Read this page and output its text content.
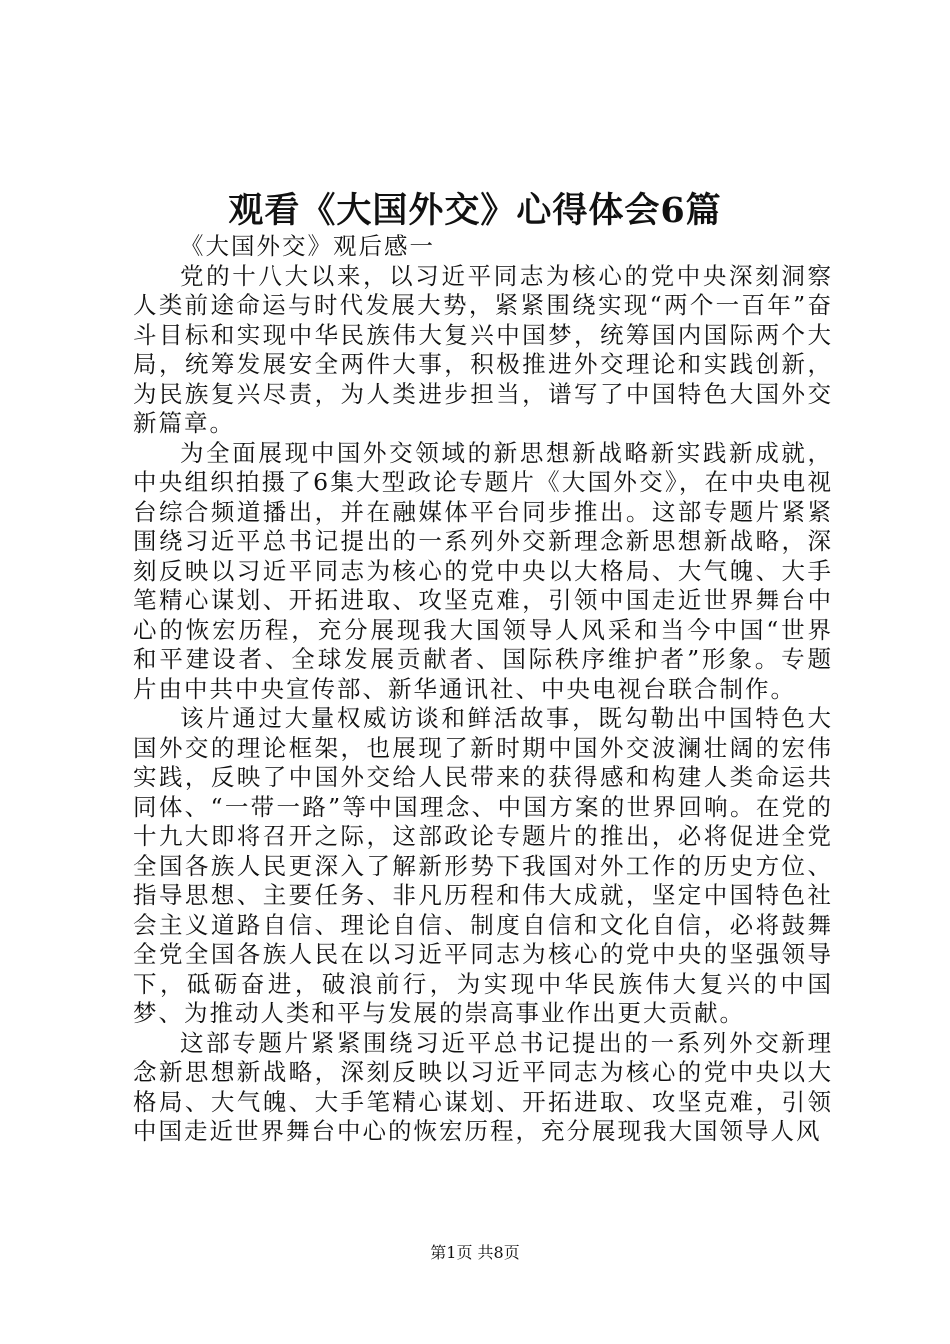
观看《大国外交》心得体会6篇

《大国外交》观后感一

党的十八大以来，以习近平同志为核心的党中央深刻洞察人类前途命运与时代发展大势，紧紧围绕实现“两个一百年”奋斗目标和实现中华民族伟大复兴中国梦，统筹国内国际两个大局，统筹发展安全两件大事，积极推进外交理论和实践创新，为民族复兴尽责，为人类进步担当，谱写了中国特色大国外交新篇章。

为全面展现中国外交领域的新思想新战略新实践新成就，中央组织拍摄了6集大型政论专题片《大国外交》，在中央电视台综合频道播出，并在融媒体平台同步推出。这部专题片紧紧围绕习近平总书记提出的一系列外交新理念新思想新战略，深刻反映以习近平同志为核心的党中央以大格局、大气魄、大手笔精心谋划、开拓进取、攻坚克难，引领中国走近世界舞台中心的恢宏历程，充分展现我大国领导人风采和当今中国“世界和平建设者、全球发展贡献者、国际秩序维护者”形象。专题片由中共中央宣传部、新华通讯社、中央电视台联合制作。

该片通过大量权威访谈和鲜活故事，既勾勒出中国特色大国外交的理论框架，也展现了新时期中国外交波澜壮阔的宏伟实践，反映了中国外交给人民带来的获得感和构建人类命运共同体、“一带一路”等中国理念、中国方案的世界回响。在党的十九大即将召开之际，这部政论专题片的推出，必将促进全党全国各族人民更深入了解新形势下我国对外工作的历史方位、指导思想、主要任务、非凡历程和伟大成就，坚定中国特色社会主义道路自信、理论自信、制度自信和文化自信，必将鼓舞全党全国各族人民在以习近平同志为核心的党中央的坚强领导下，砥砺奋进，破浪前行，为实现中华民族伟大复兴的中国梦、为推动人类和平与发展的崇高事业作出更大贡献。

这部专题片紧紧围绕习近平总书记提出的一系列外交新理念新思想新战略，深刻反映以习近平同志为核心的党中央以大格局、大气魄、大手笔精心谋划、开拓进取、攻坚克难，引领中国走近世界舞台中心的恢宏历程，充分展现我大国领导人风

第1页 共8页
